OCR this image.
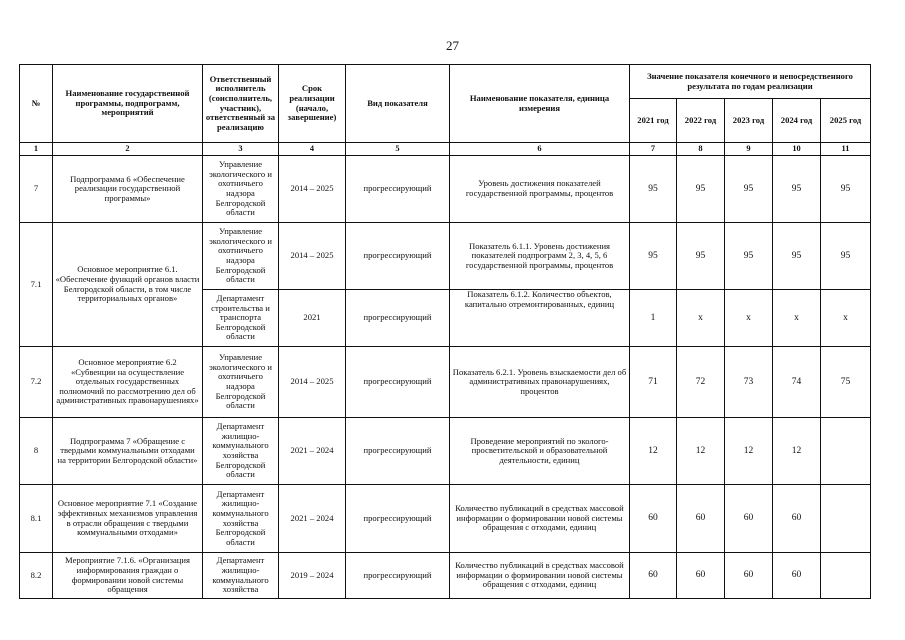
27
№	Наименование государственной программы, подпрограмм, мероприятий	Ответственный исполнитель (соисполнитель, участник), ответственный за реализацию	Срок реализации (начало, завершение)	Вид показателя	Наименование показателя, единица измерения	Значение показателя конечного и непосредственного результата по годам реализации				
						2021 год	2022 год	2023 год	2024 год	2025 год
1	2	3	4	5	6	7	8	9	10	11
7	Подпрограмма 6 «Обеспечение реализации государственной программы»	Управление экологического и охотничьего надзора Белгородской области	2014 – 2025	прогрессирующий	Уровень достижения показателей государственной программы, процентов	95	95	95	95	95
7.1	Основное мероприятие 6.1. «Обеспечение функций органов власти Белгородской области, в том числе территориальных органов»	Управление экологического и охотничьего надзора Белгородской области	2014 – 2025	прогрессирующий	Показатель 6.1.1. Уровень достижения показателей подпрограмм 2, 3, 4, 5, 6 государственной программы, процентов	95	95	95	95	95
		Департамент строительства и транспорта Белгородской области	2021	прогрессирующий	Показатель 6.1.2. Количество объектов, капитально отремонтированных, единиц	1	х	х	х	х
7.2	Основное мероприятие 6.2 «Субвенции на осуществление отдельных государственных полномочий по рассмотрению дел об административных правонарушениях»	Управление экологического и охотничьего надзора Белгородской области	2014 – 2025	прогрессирующий	Показатель 6.2.1. Уровень взыскаемости дел об административных правонарушениях, процентов	71	72	73	74	75
8	Подпрограмма 7 «Обращение с твердыми коммунальными отходами на территории Белгородской области»	Департамент жилищно-коммунального хозяйства Белгородской области	2021 – 2024	прогрессирующий	Проведение мероприятий по эколого-просветительской и образовательной деятельности, единиц	12	12	12	12	
8.1	Основное мероприятие 7.1 «Создание эффективных механизмов управления в отрасли обращения с твердыми коммунальными отходами»	Департамент жилищно-коммунального хозяйства Белгородской области	2021 – 2024	прогрессирующий	Количество публикаций в средствах массовой информации о формировании новой системы обращения с отходами, единиц	60	60	60	60	
8.2	Мероприятие 7.1.6. «Организация информирования граждан о формировании новой системы обращения	Департамент жилищно-коммунального хозяйства	2019 – 2024	прогрессирующий	Количество публикаций в средствах массовой информации о формировании новой системы обращения с отходами, единиц	60	60	60	60	
